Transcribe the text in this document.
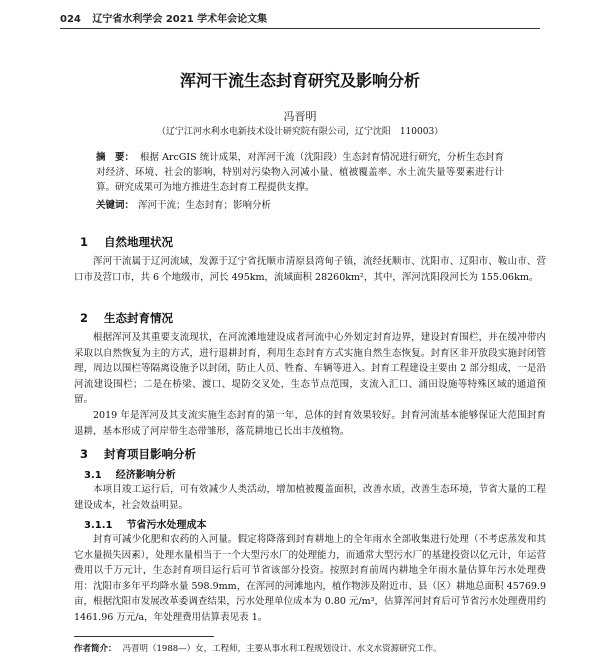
024 辽宁省水利学会 2021 学术年会论文集
浑河干流生态封育研究及影响分析
冯晋明
（辽宁江河水利水电新技术设计研究院有限公司，辽宁沈阳　110003）
摘　要： 根据 ArcGIS 统计成果，对浑河干流（沈阳段）生态封育情况进行研究，分析生态封育对经济、环境、社会的影响，特别对污染物入河减小量、植被覆盖率、水土流失量等要素进行计算。研究成果可为地方推进生态封育工程提供支撑。
关键词： 浑河干流；生态封育；影响分析
1 自然地理状况
浑河干流属于辽河流域，发源于辽宁省抚顺市清原县湾甸子镇，流经抚顺市、沈阳市、辽阳市、鞍山市、营口市及营口市，共 6 个地级市，河长 495km，流域面积 28260km²，其中，浑河沈阳段河长为 155.06km。
2 生态封育情况
根据浑河及其重要支流现状，在河流滩地建设成者河流中心外划定封育边界，建设封育围栏，并在缓冲带内采取以自然恢复为主的方式，进行退耕封育，利用生态封育方式实施自然生态恢复。封育区非开放段实施封闭管理，周边以围栏等隔离设施予以封闭，防止人员、牲畜、车辆等进入。封育工程建设主要由 2 部分组成，一是沿河流建设围栏；二是在桥梁、渡口、堤防交叉处，生态节点范围，支流入汇口、涌田设施等特殊区域的通道预留。
2019 年是浑河及其支流实施生态封育的第一年，总体的封育效果较好。封育河流基本能够保证大范围封育退耕，基本形成了河岸带生态带雏形，落荒耕地已长出丰茂植物。
3 封育项目影响分析
3.1 经济影响分析
本项目竣工运行后，可有效减少人类活动，增加植被覆盖面积，改善水质，改善生态环境，节省大量的工程建设成本，社会效益明显。
3.1.1 节省污水处理成本
封育可减少化肥和农药的入河量。假定将降落到封育耕地上的全年雨水全部收集进行处理（不考虑蒸发和其它水量损失因素），处理水量相当于一个大型污水厂的处理能力，而通常大型污水厂的基建投资以亿元计，年运营费用以千万元计，生态封育项目运行后可节省该部分投资。按照封育前周内耕地全年雨水量估算年污水处理费用：沈阳市多年平均降水量 598.9mm，在浑河的河滩地内，植作物涉及附近市、县（区）耕地总面积 45769.9 亩，根据沈阳市发展改革委调查结果，污水处理单位成本为 0.80 元/m³，估算浑河封育后可节省污水处理费用约 1461.96 万元/a，年处理费用估算表见表 1。
作者简介： 冯晋明（1988—）女，工程师，主要从事水利工程规划设计、水文水资源研究工作。
